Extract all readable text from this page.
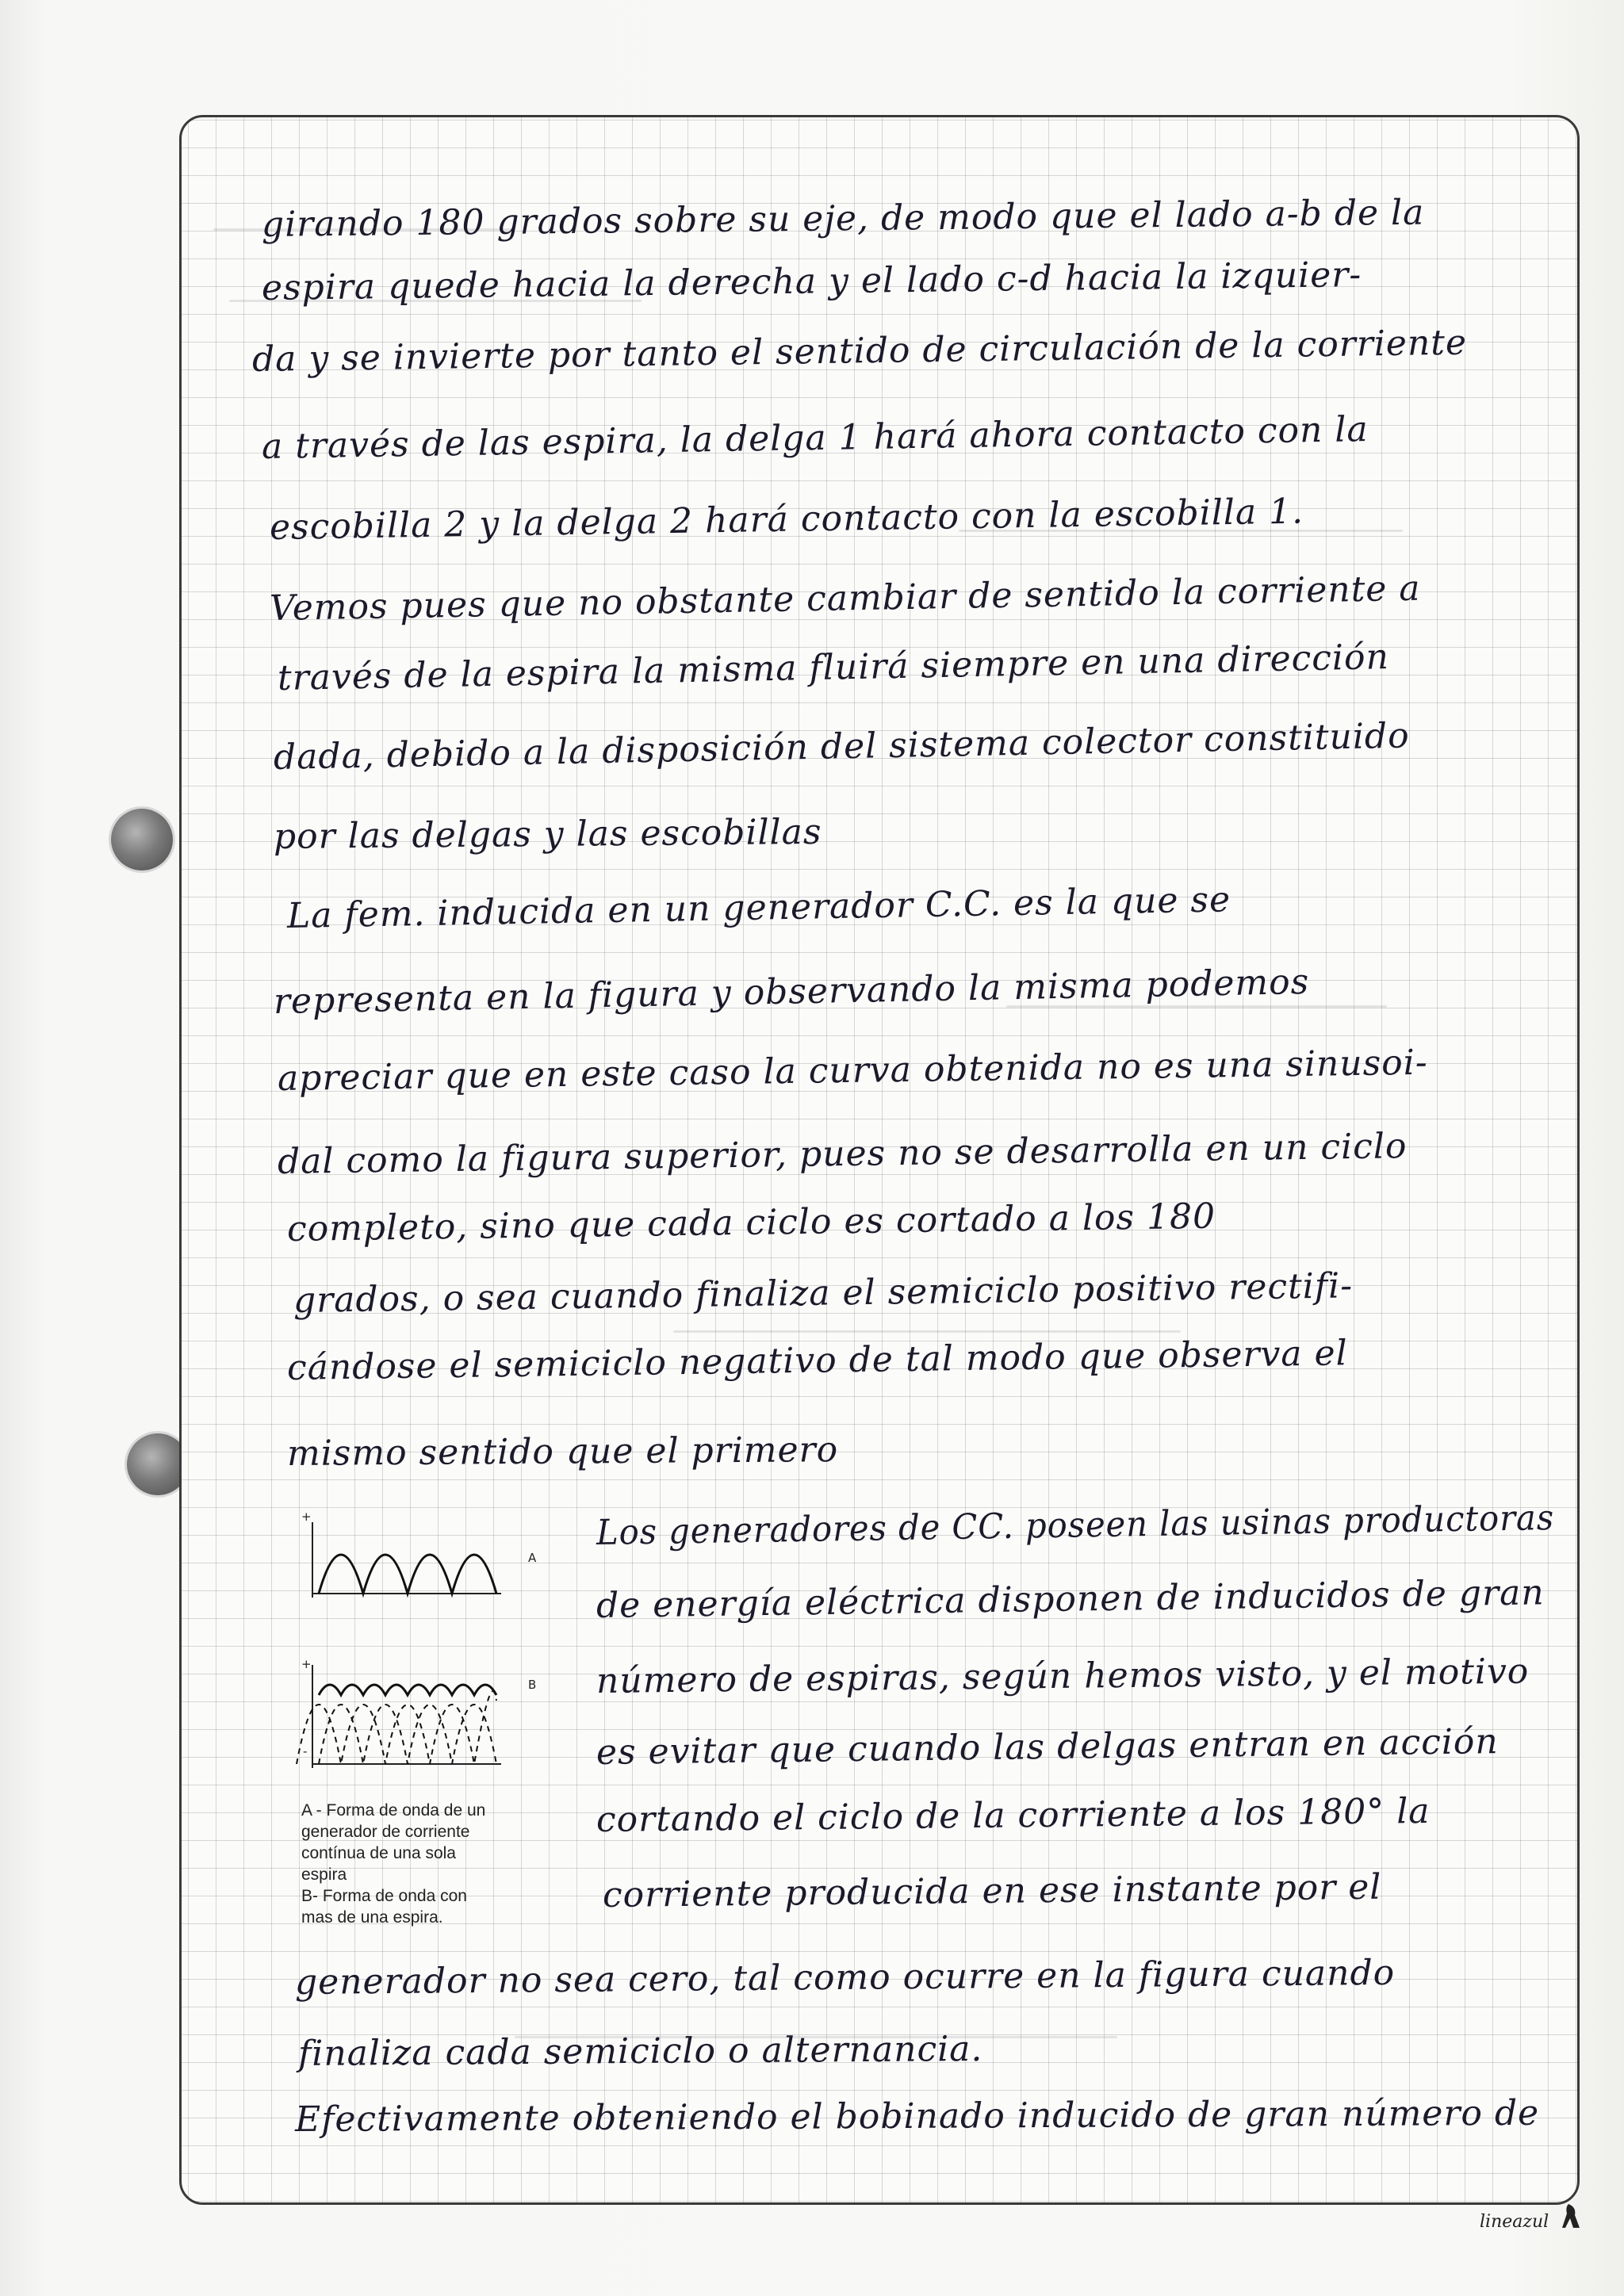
girando 180 grados sobre su eje, de modo que el lado a-b de la

espira quede hacia la derecha y el lado c-d hacia la izquier-

da y se invierte por tanto el sentido de circulación de la corriente

a través de las espira, la delga 1 hará ahora contacto con la

escobilla 2 y la delga 2 hará contacto con la escobilla 1.

Vemos pues que no obstante cambiar de sentido la corriente a

través de la espira la misma fluirá siempre en una dirección

dada, debido a la disposición del sistema colector constituido

por las delgas y las escobillas

La fem. inducida en un generador C.C. es la que se

representa en la figura y observando la misma podemos

apreciar que en este caso la curva obtenida no es una sinusoi-

dal como la figura superior, pues no se desarrolla en un ciclo

completo, sino que cada ciclo es cortado a los 180

grados, o sea cuando finaliza el semiciclo positivo rectifi-

cándose el semiciclo negativo de tal modo que observa el

mismo sentido que el primero

Los generadores de CC. poseen las usinas productoras

de energía eléctrica disponen de inducidos de gran

número de espiras, según hemos visto, y el motivo

es evitar que cuando las delgas entran en acción

cortando el ciclo de la corriente a los 180° la

corriente producida en ese instante por el

generador no sea cero, tal como ocurre en la figura cuando

finaliza cada semiciclo o alternancia.

Efectivamente obteniendo el bobinado inducido de gran número de

+
A
+
-
B
A - Forma de onda de un
generador de corriente
contínua de una sola
espira
B- Forma de onda con
mas de una espira.
lineazul
